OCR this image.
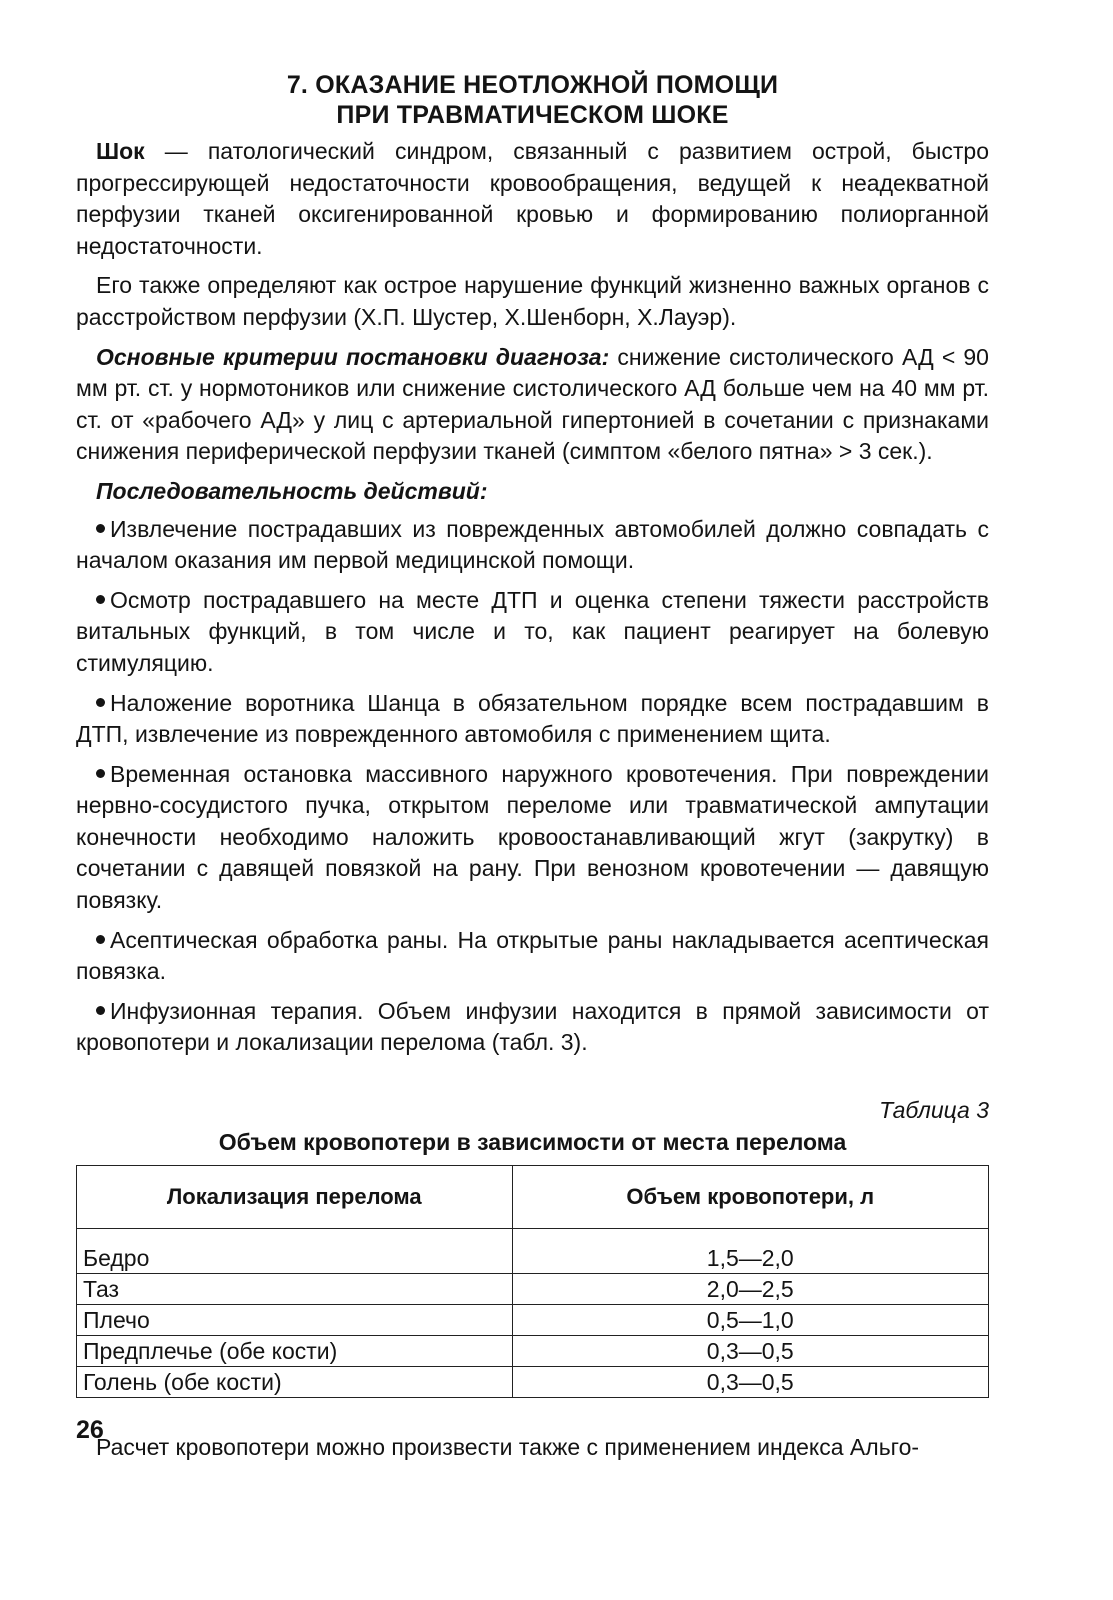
7. ОКАЗАНИЕ НЕОТЛОЖНОЙ ПОМОЩИ
ПРИ ТРАВМАТИЧЕСКОМ ШОКЕ

Шок — патологический синдром, связанный с развитием острой, быстро прогрессирующей недостаточности кровообращения, ведущей к неадекватной перфузии тканей оксигенированной кровью и формированию полиорганной недостаточности.

Его также определяют как острое нарушение функций жизненно важных органов с расстройством перфузии (Х.П. Шустер, Х.Шенборн, Х.Лауэр).

Основные критерии постановки диагноза: снижение систолического АД < 90 мм рт. ст. у нормотоников или снижение систолического АД больше чем на 40 мм рт. ст. от «рабочего АД» у лиц с артериальной гипертонией в сочетании с признаками снижения периферической перфузии тканей (симптом «белого пятна» > 3 сек.).

Последовательность действий:

Извлечение пострадавших из поврежденных автомобилей должно совпадать с началом оказания им первой медицинской помощи.

Осмотр пострадавшего на месте ДТП и оценка степени тяжести расстройств витальных функций, в том числе и то, как пациент реагирует на болевую стимуляцию.

Наложение воротника Шанца в обязательном порядке всем пострадавшим в ДТП, извлечение из поврежденного автомобиля с применением щита.

Временная остановка массивного наружного кровотечения. При повреждении нервно-сосудистого пучка, открытом переломе или травматической ампутации конечности необходимо наложить кровоостанавливающий жгут (закрутку) в сочетании с давящей повязкой на рану. При венозном кровотечении — давящую повязку.

Асептическая обработка раны. На открытые раны накладывается асептическая повязка.

Инфузионная терапия. Объем инфузии находится в прямой зависимости от кровопотери и локализации перелома (табл. 3).

Таблица 3
Объем кровопотери в зависимости от места перелома
Локализация перелома	Объем кровопотери, л
Бедро	1,5—2,0
Таз	2,0—2,5
Плечо	0,5—1,0
Предплечье (обе кости)	0,3—0,5
Голень (обе кости)	0,3—0,5
Расчет кровопотери можно произвести также с применением индекса Альго-
26
